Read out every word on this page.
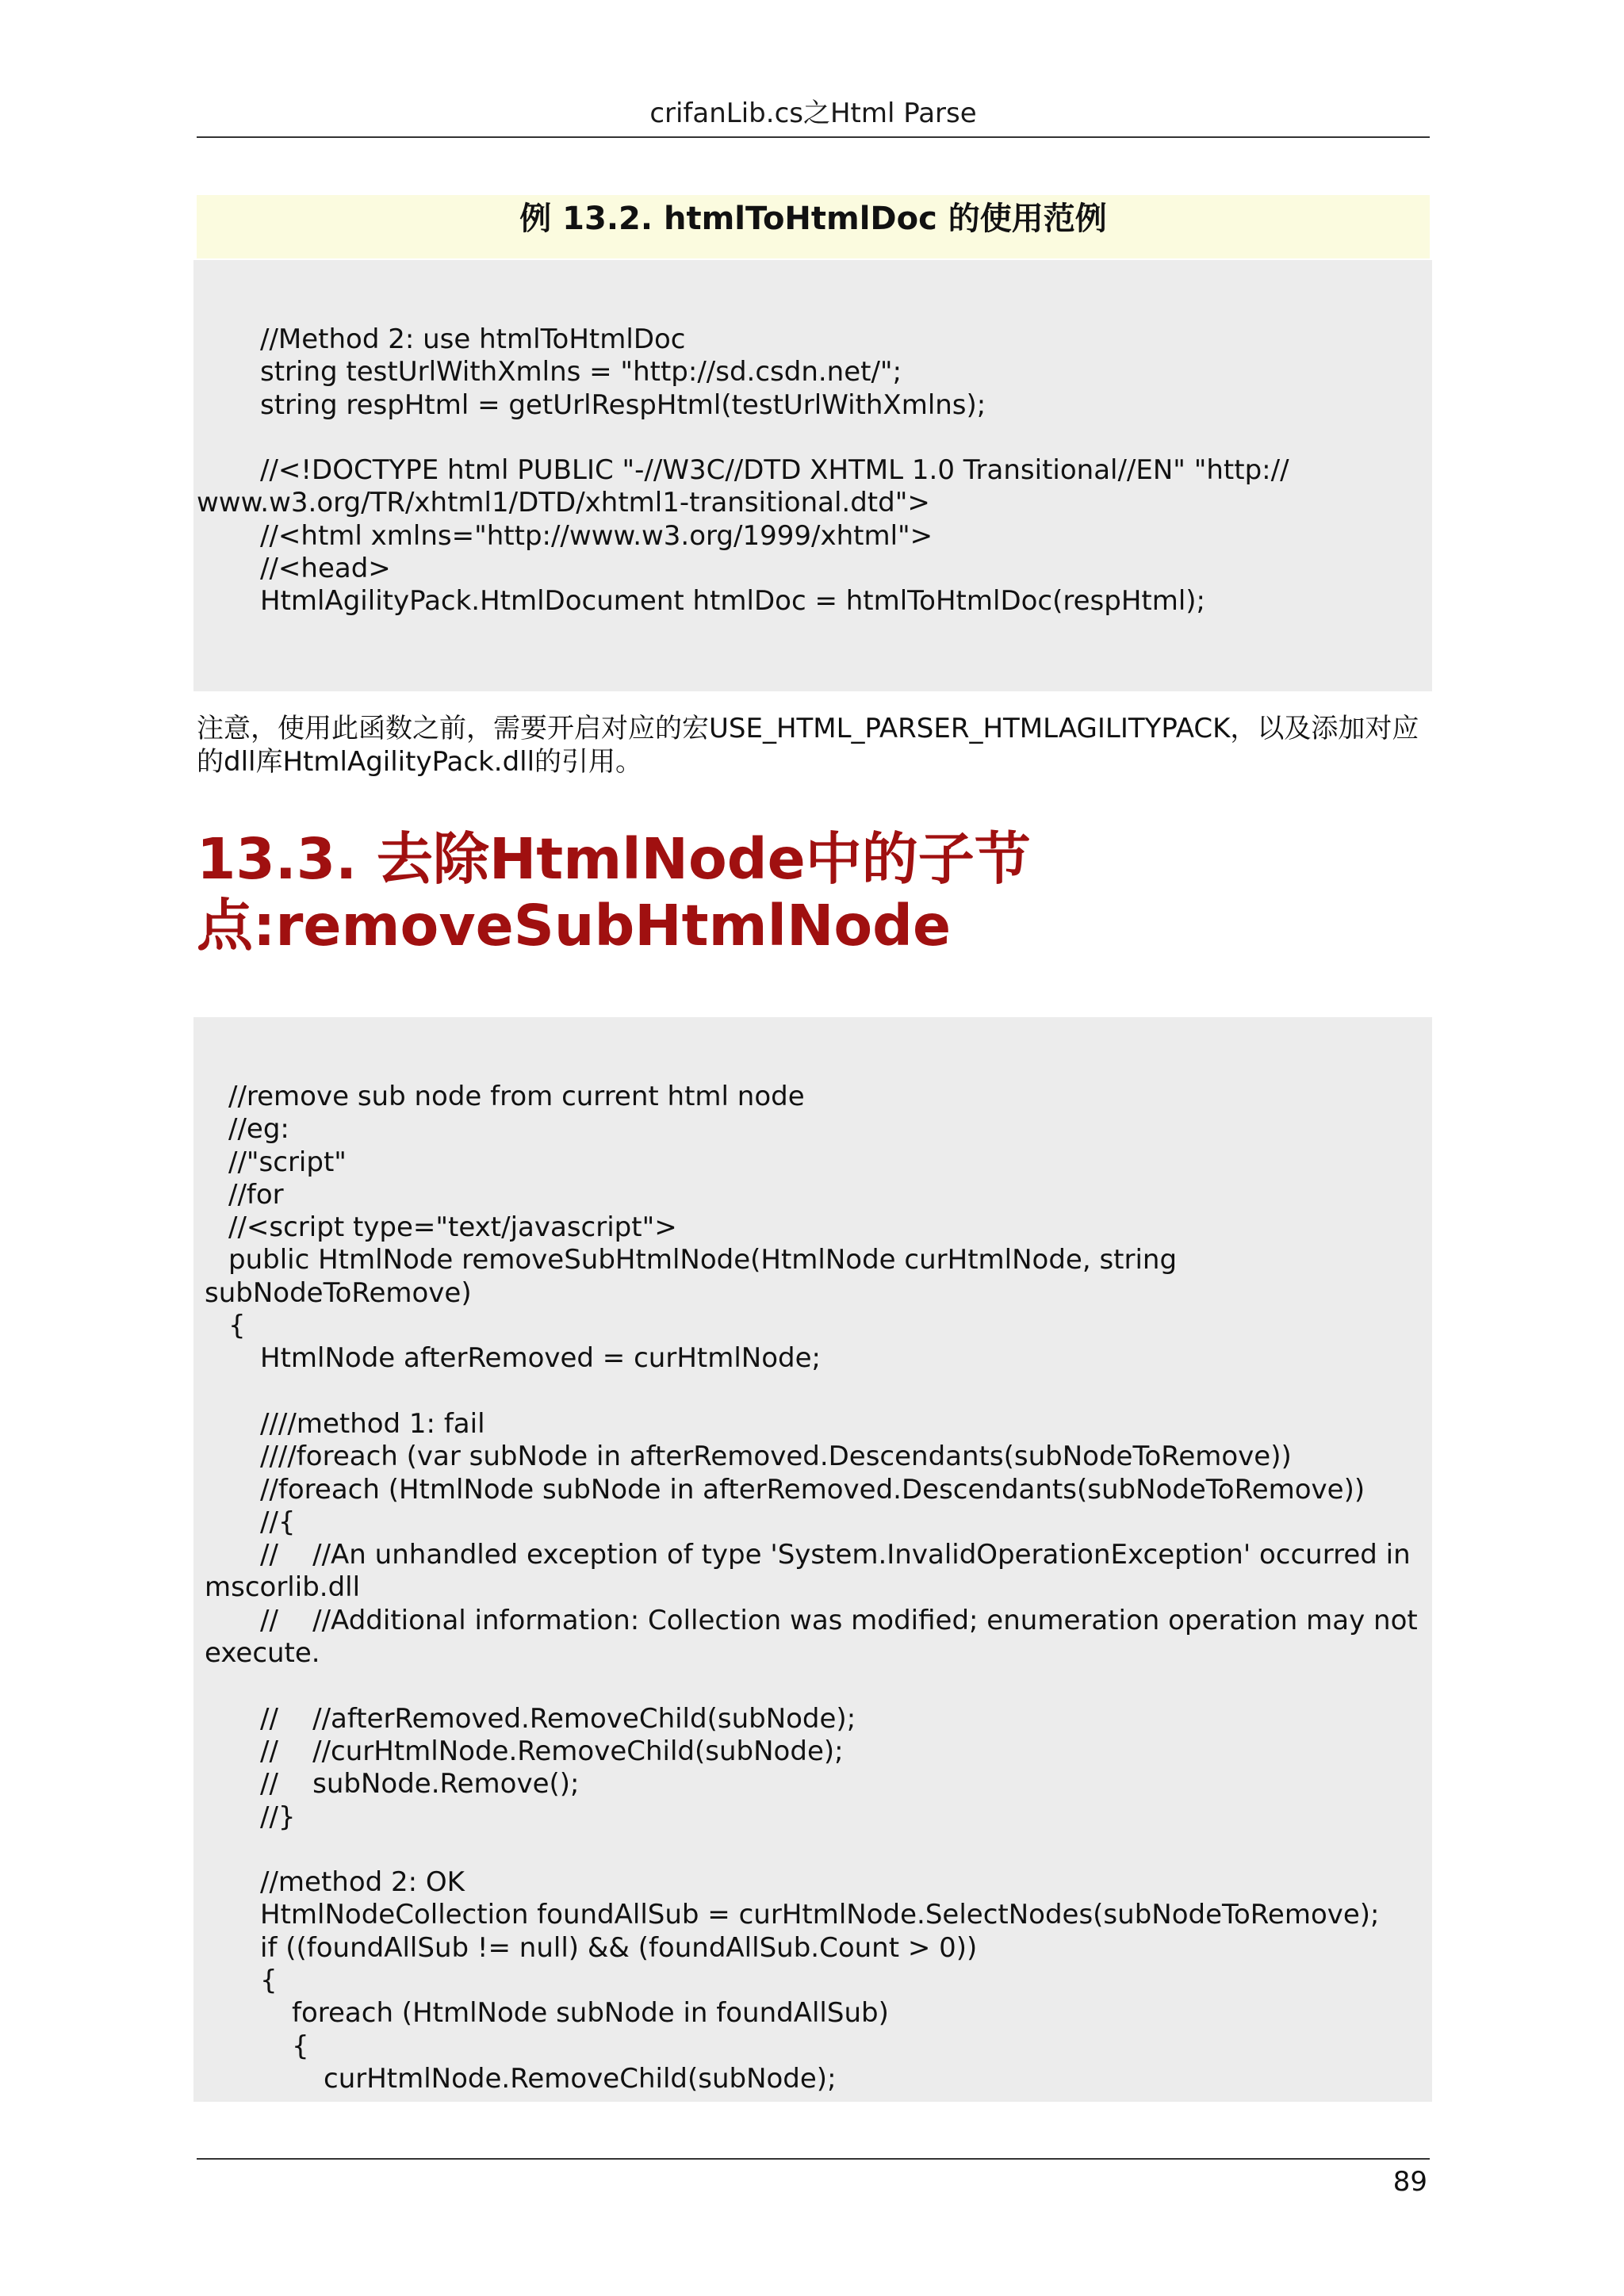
crifanLib.cs之Html Parse
例 13.2. htmlToHtmlDoc 的使用范例
//Method 2: use htmlToHtmlDoc
string testUrlWithXmlns = "http://sd.csdn.net/";
string respHtml = getUrlRespHtml(testUrlWithXmlns);
//<!DOCTYPE html PUBLIC "-//W3C//DTD XHTML 1.0 Transitional//EN" "http://
www.w3.org/TR/xhtml1/DTD/xhtml1-transitional.dtd">
//<html xmlns="http://www.w3.org/1999/xhtml">
//<head>
HtmlAgilityPack.HtmlDocument htmlDoc = htmlToHtmlDoc(respHtml);
注意，使用此函数之前，需要开启对应的宏USE_HTML_PARSER_HTMLAGILITYPACK，以及添加对应的dll库HtmlAgilityPack.dll的引用。
13.3. 去除HtmlNode中的子节
点:removeSubHtmlNode
//remove sub node from current html node
//eg:
//"script"
//for
//<script type="text/javascript">
public HtmlNode removeSubHtmlNode(HtmlNode curHtmlNode, string
subNodeToRemove)
{
HtmlNode afterRemoved = curHtmlNode;
////method 1: fail
////foreach (var subNode in afterRemoved.Descendants(subNodeToRemove))
//foreach (HtmlNode subNode in afterRemoved.Descendants(subNodeToRemove))
//{
//    //An unhandled exception of type 'System.InvalidOperationException' occurred in
mscorlib.dll
//    //Additional information: Collection was modified; enumeration operation may not
execute.
//    //afterRemoved.RemoveChild(subNode);
//    //curHtmlNode.RemoveChild(subNode);
//    subNode.Remove();
//}
//method 2: OK
HtmlNodeCollection foundAllSub = curHtmlNode.SelectNodes(subNodeToRemove);
if ((foundAllSub != null) && (foundAllSub.Count > 0))
{
foreach (HtmlNode subNode in foundAllSub)
{
curHtmlNode.RemoveChild(subNode);
89
